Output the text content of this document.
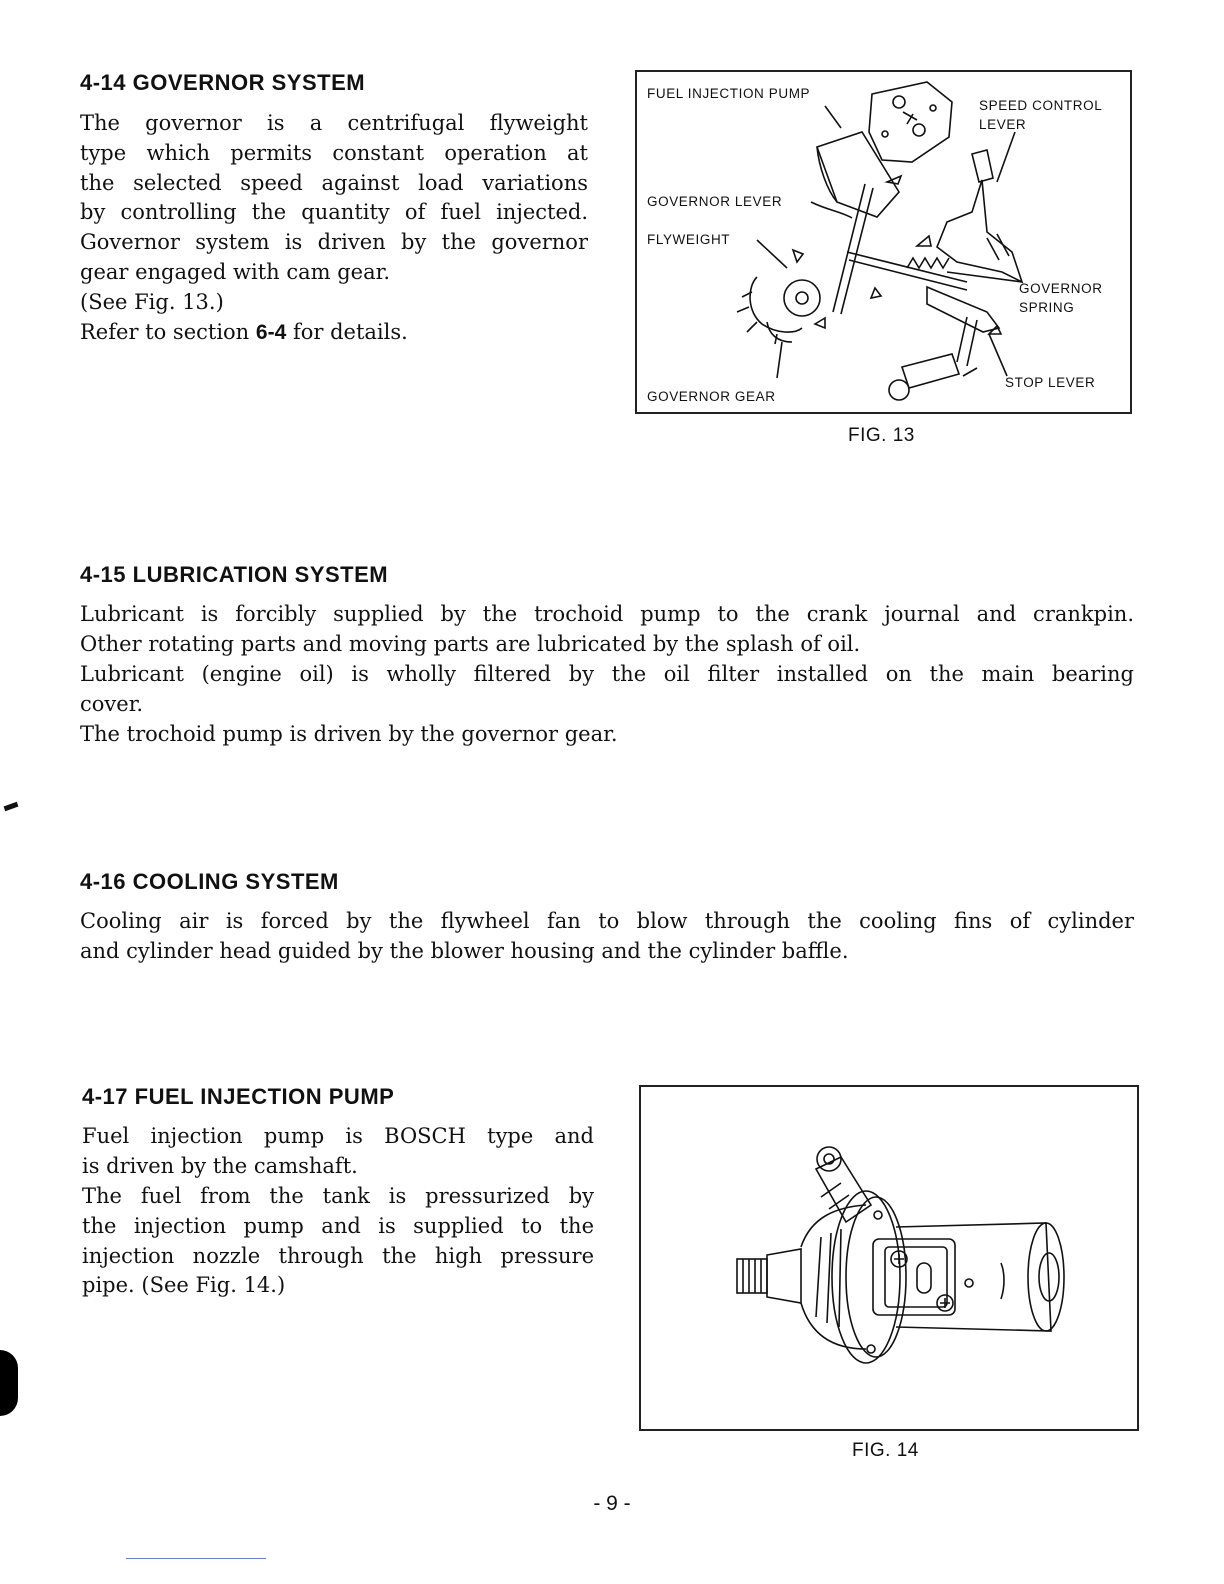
4-14 GOVERNOR SYSTEM
The governor is a centrifugal flyweight
type which permits constant operation at
the selected speed against load variations
by controlling the quantity of fuel injected.
Governor system is driven by the governor
gear engaged with cam gear.
(See Fig. 13.)
Refer to section 6-4 for details.
FUEL INJECTION PUMP
SPEED CONTROL
LEVER
GOVERNOR LEVER
FLYWEIGHT
GOVERNOR
SPRING
STOP LEVER
GOVERNOR GEAR
FIG. 13
4-15 LUBRICATION SYSTEM
Lubricant is forcibly supplied by the trochoid pump to the crank journal and crankpin.
Other rotating parts and moving parts are lubricated by the splash of oil.
Lubricant (engine oil) is wholly filtered by the oil filter installed on the main bearing
cover.
The trochoid pump is driven by the governor gear.
4-16 COOLING SYSTEM
Cooling air is forced by the flywheel fan to blow through the cooling fins of cylinder
and cylinder head guided by the blower housing and the cylinder baffle.
4-17 FUEL INJECTION PUMP
Fuel injection pump is BOSCH type and
is driven by the camshaft.
The fuel from the tank is pressurized by
the injection pump and is supplied to the
injection nozzle through the high pressure
pipe. (See Fig. 14.)
FIG. 14
- 9 -
